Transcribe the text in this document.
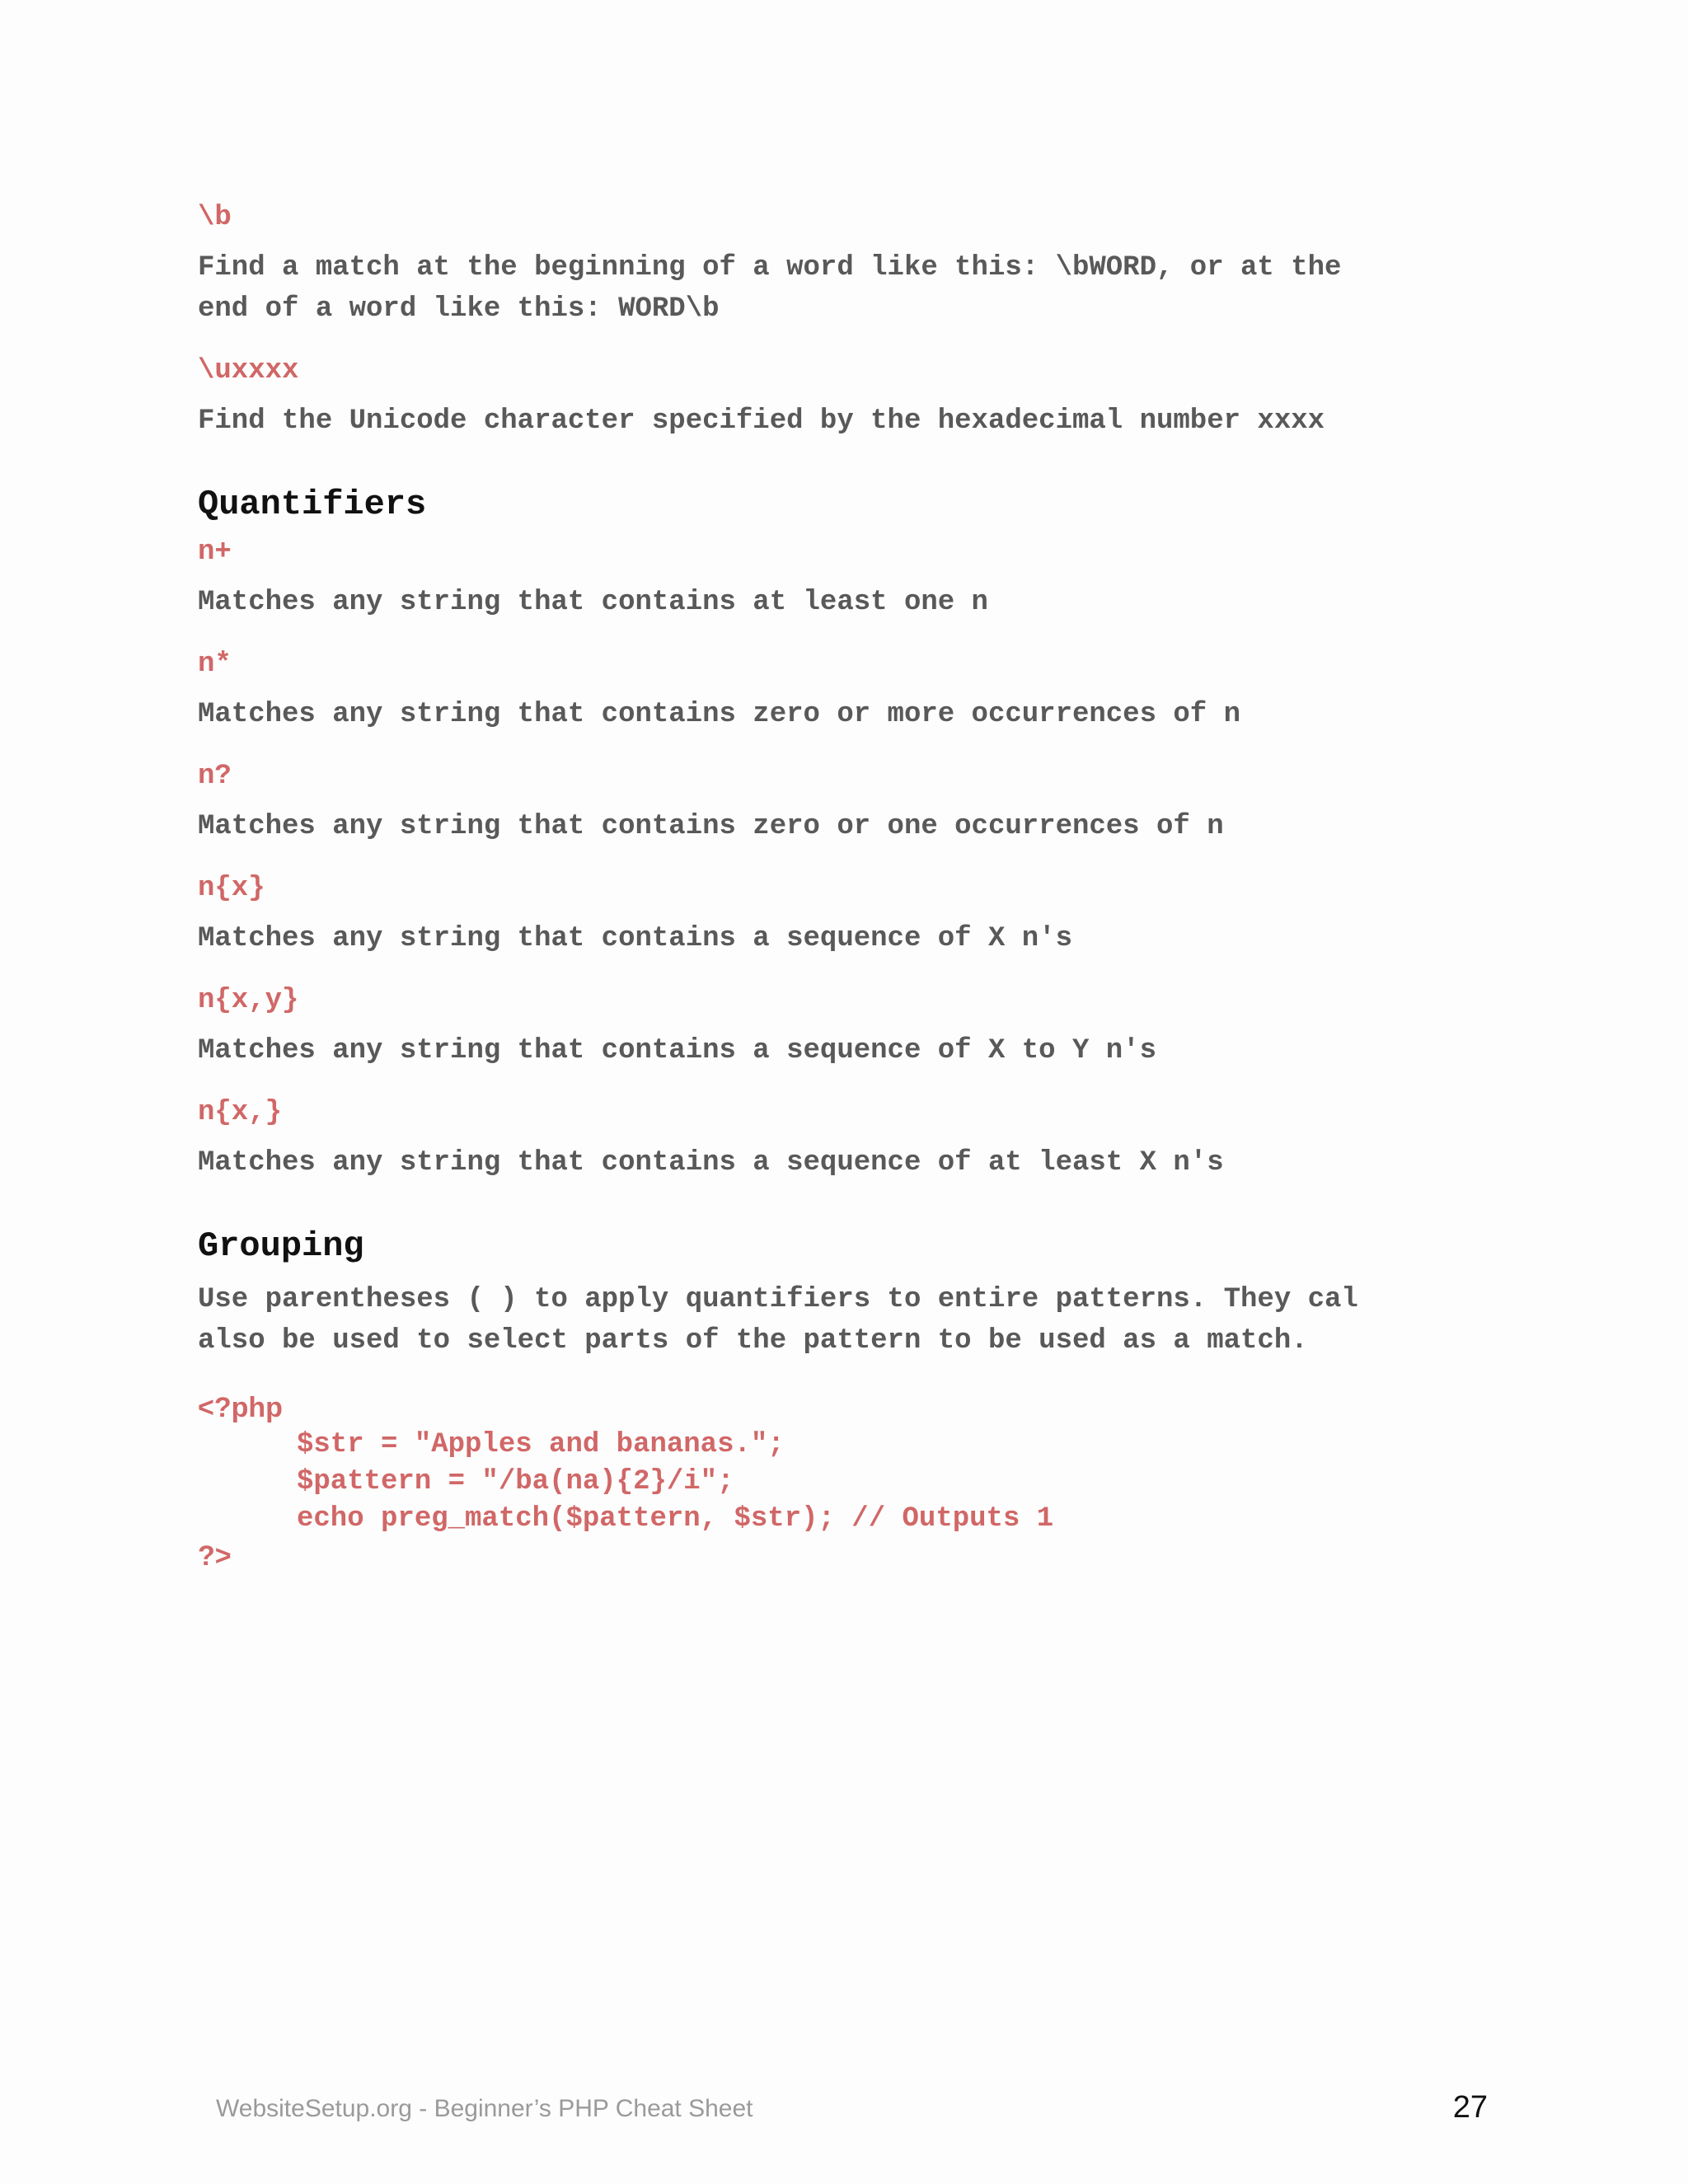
\b

Find a match at the beginning of a word like this: \bWORD, or at the
end of a word like this: WORD\b

\uxxxx

Find the Unicode character specified by the hexadecimal number xxxx

Quantifiers

n+

Matches any string that contains at least one n

n*

Matches any string that contains zero or more occurrences of n

n?

Matches any string that contains zero or one occurrences of n

n{x}

Matches any string that contains a sequence of X n's

n{x,y}

Matches any string that contains a sequence of X to Y n's

n{x,}

Matches any string that contains a sequence of at least X n's

Grouping

Use parentheses ( ) to apply quantifiers to entire patterns. They cal
also be used to select parts of the pattern to be used as a match.

<?php

$str = "Apples and bananas.";

$pattern = "/ba(na){2}/i";

echo preg_match($pattern, $str); // Outputs 1

?>

WebsiteSetup.org - Beginner’s PHP Cheat Sheet	27
